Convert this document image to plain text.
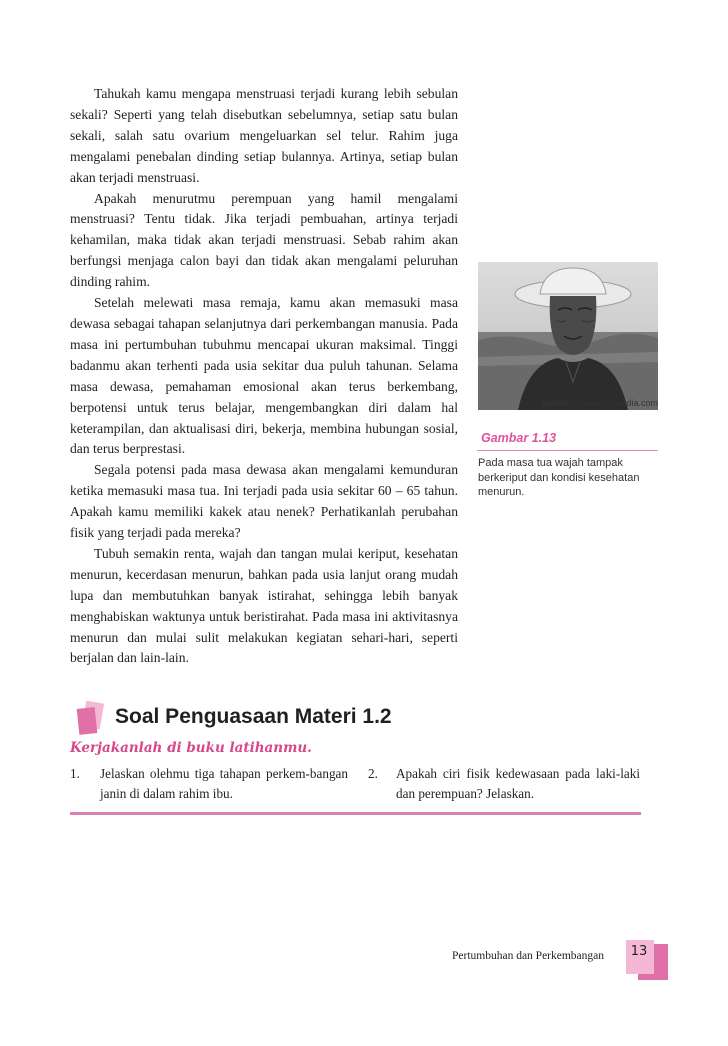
Tahukah kamu mengapa menstruasi terjadi kurang lebih sebulan sekali? Seperti yang telah disebutkan sebelumnya, setiap satu bulan sekali, salah satu ovarium mengeluarkan sel telur. Rahim juga mengalami penebalan dinding setiap bulannya. Artinya, setiap bulan akan terjadi menstruasi.

Apakah menurutmu perempuan yang hamil mengalami menstruasi? Tentu tidak. Jika terjadi pembuahan, artinya terjadi kehamilan, maka tidak akan terjadi menstruasi. Sebab rahim akan berfungsi menjaga calon bayi dan tidak akan mengalami peluruhan dinding rahim.

Setelah melewati masa remaja, kamu akan memasuki masa dewasa sebagai tahapan selanjutnya dari perkembangan manusia. Pada masa ini pertumbuhan tubuhmu mencapai ukuran maksimal. Tinggi badanmu akan terhenti pada usia sekitar dua puluh tahunan. Selama masa dewasa, pemahaman emosional akan terus berkembang, berpotensi untuk terus belajar, mengembangkan diri dalam hal keterampilan, dan aktualisasi diri, bekerja, membina hubungan sosial, dan terus berprestasi.

Segala potensi pada masa dewasa akan mengalami kemunduran ketika memasuki masa tua. Ini terjadi pada usia sekitar 60 – 65 tahun. Apakah kamu memiliki kakek atau nenek? Perhatikanlah perubahan fisik yang terjadi pada mereka?

Tubuh semakin renta, wajah dan tangan mulai keriput, kesehatan menurun, kecerdasan menurun, bahkan pada usia lanjut orang mudah lupa dan membutuhkan banyak istirahat, sehingga lebih banyak menghabiskan waktunya untuk beristirahat. Pada masa ini aktivitasnya menurun dan mulai sulit melakukan kegiatan sehari-hari, seperti berjalan dan lain-lain.

Sumber: www.vhrmedia.com
Gambar 1.13
Pada masa tua wajah tampak berkeriput dan kondisi kesehatan menurun.
Soal Penguasaan Materi 1.2
Kerjakanlah di buku latihanmu.
1. Jelaskan olehmu tiga tahapan perkem-bangan janin di dalam rahim ibu.
2. Apakah ciri fisik kedewasaan pada laki-laki dan perempuan? Jelaskan.
Pertumbuhan dan Perkembangan 13
